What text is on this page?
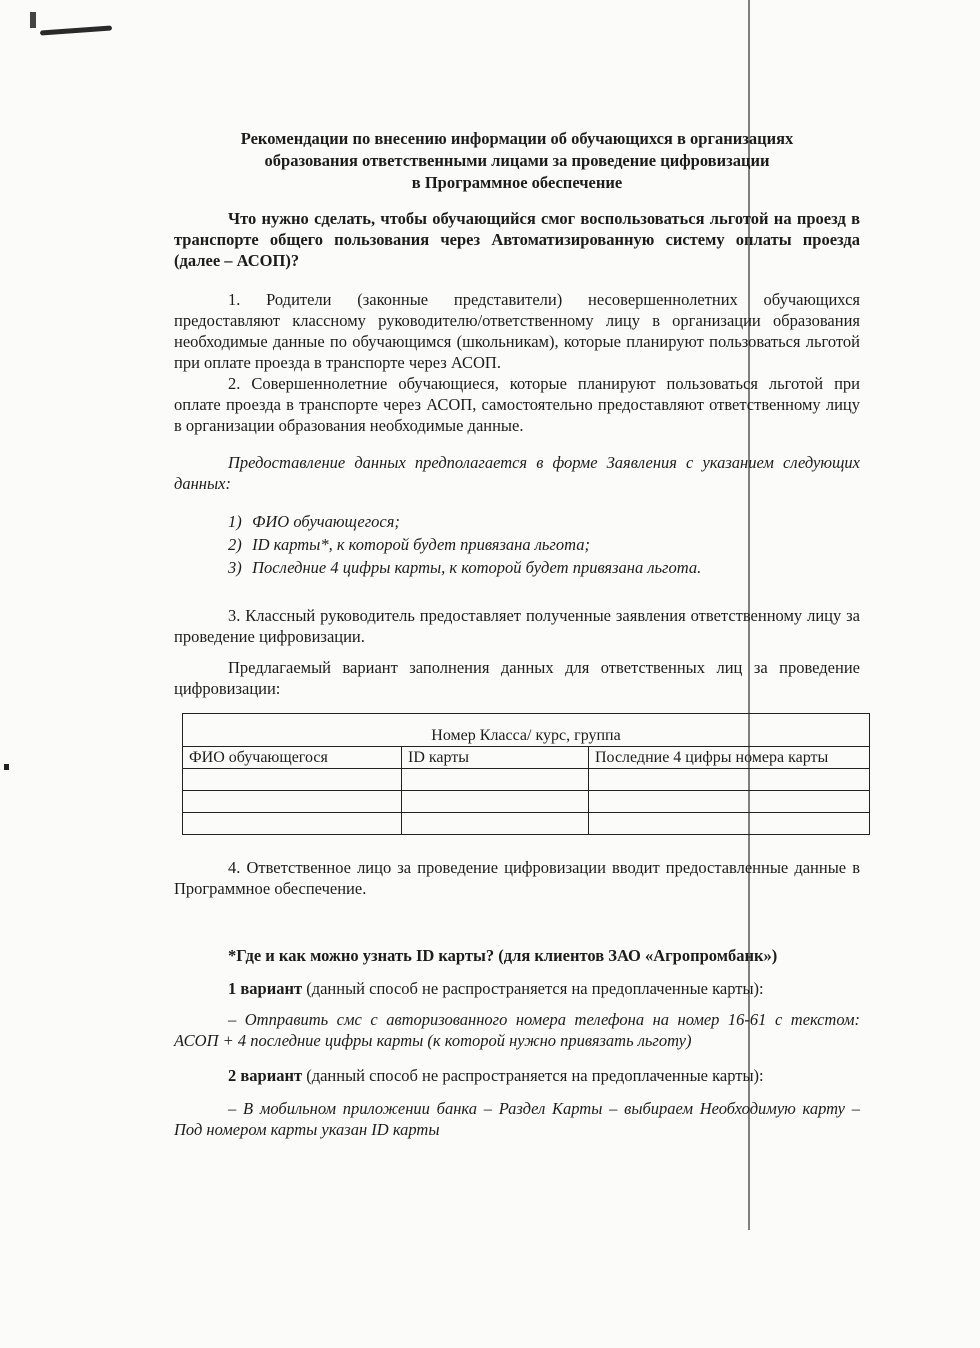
Рекомендации по внесению информации об обучающихся в организациях
образования ответственными лицами за проведение цифровизации
в Программное обеспечение
Что нужно сделать, чтобы обучающийся смог воспользоваться льготой на проезд в транспорте общего пользования через Автоматизированную систему оплаты проезда (далее – АСОП)?

1. Родители (законные представители) несовершеннолетних обучающихся предоставляют классному руководителю/ответственному лицу в организации образования необходимые данные по обучающимся (школьникам), которые планируют пользоваться льготой при оплате проезда в транспорте через АСОП.

2. Совершеннолетние обучающиеся, которые планируют пользоваться льготой при оплате проезда в транспорте через АСОП, самостоятельно предоставляют ответственному лицу в организации образования необходимые данные.

Предоставление данных предполагается в форме Заявления с указанием следующих данных:

1) ФИО обучающегося;
2) ID карты*, к которой будет привязана льгота;
3) Последние 4 цифры карты, к которой будет привязана льгота.

3. Классный руководитель предоставляет полученные заявления ответственному лицу за проведение цифровизации.

Предлагаемый вариант заполнения данных для ответственных лиц за проведение цифровизации:

Номер Класса/ курс, группа		
ФИО обучающегося	ID карты	Последние 4 цифры номера карты

4. Ответственное лицо за проведение цифровизации вводит предоставленные данные в Программное обеспечение.

*Где и как можно узнать ID карты? (для клиентов ЗАО «Агропромбанк»)

1 вариант (данный способ не распространяется на предоплаченные карты):

– Отправить смс с авторизованного номера телефона на номер 16-61 с текстом: АСОП + 4 последние цифры карты (к которой нужно привязать льготу)

2 вариант (данный способ не распространяется на предоплаченные карты):

– В мобильном приложении банка – Раздел Карты – выбираем Необходимую карту – Под номером карты указан ID карты
